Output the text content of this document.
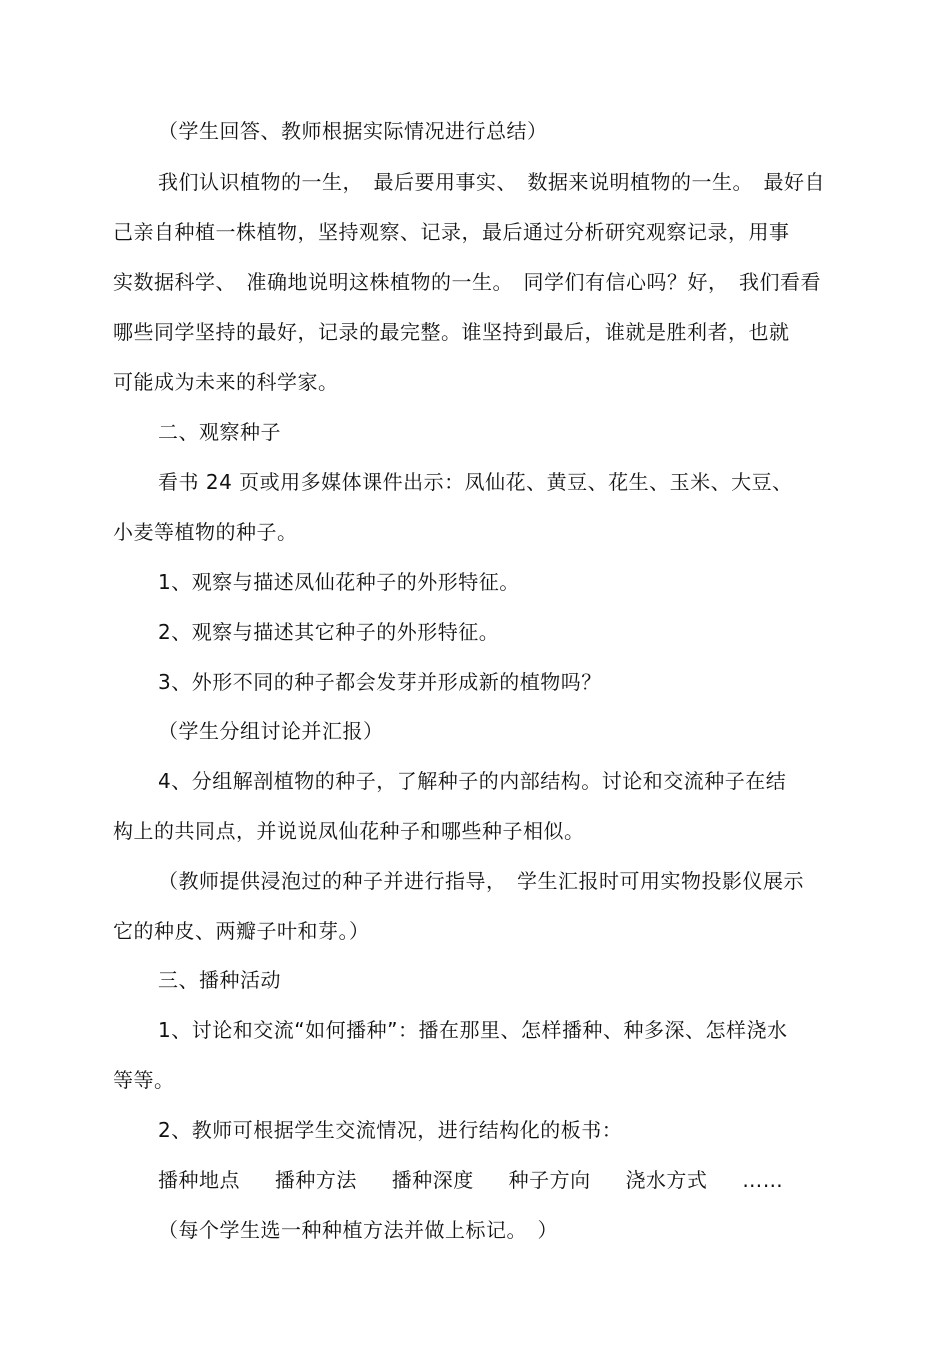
（学生回答、教师根据实际情况进行总结）
我们认识植物的一生，　最后要用事实、　数据来说明植物的一生。　最好自
己亲自种植一株植物，坚持观察、记录，最后通过分析研究观察记录，用事
实数据科学、　准确地说明这株植物的一生。　同学们有信心吗？好，　我们看看
哪些同学坚持的最好，记录的最完整。谁坚持到最后，谁就是胜利者，也就
可能成为未来的科学家。
二、观察种子
看书 24 页或用多媒体课件出示：凤仙花、黄豆、花生、玉米、大豆、
小麦等植物的种子。
1、观察与描述凤仙花种子的外形特征。
2、观察与描述其它种子的外形特征。
3、外形不同的种子都会发芽并形成新的植物吗？
（学生分组讨论并汇报）
4、分组解剖植物的种子，了解种子的内部结构。讨论和交流种子在结
构上的共同点，并说说凤仙花种子和哪些种子相似。
（教师提供浸泡过的种子并进行指导，　学生汇报时可用实物投影仪展示
它的种皮、两瓣子叶和芽。）
三、播种活动
1、讨论和交流“如何播种”：播在那里、怎样播种、种多深、怎样浇水
等等。
2、教师可根据学生交流情况，进行结构化的板书：
播种地点 播种方法 播种深度 种子方向 浇水方式 ……
（每个学生选一种种植方法并做上标记。　）
